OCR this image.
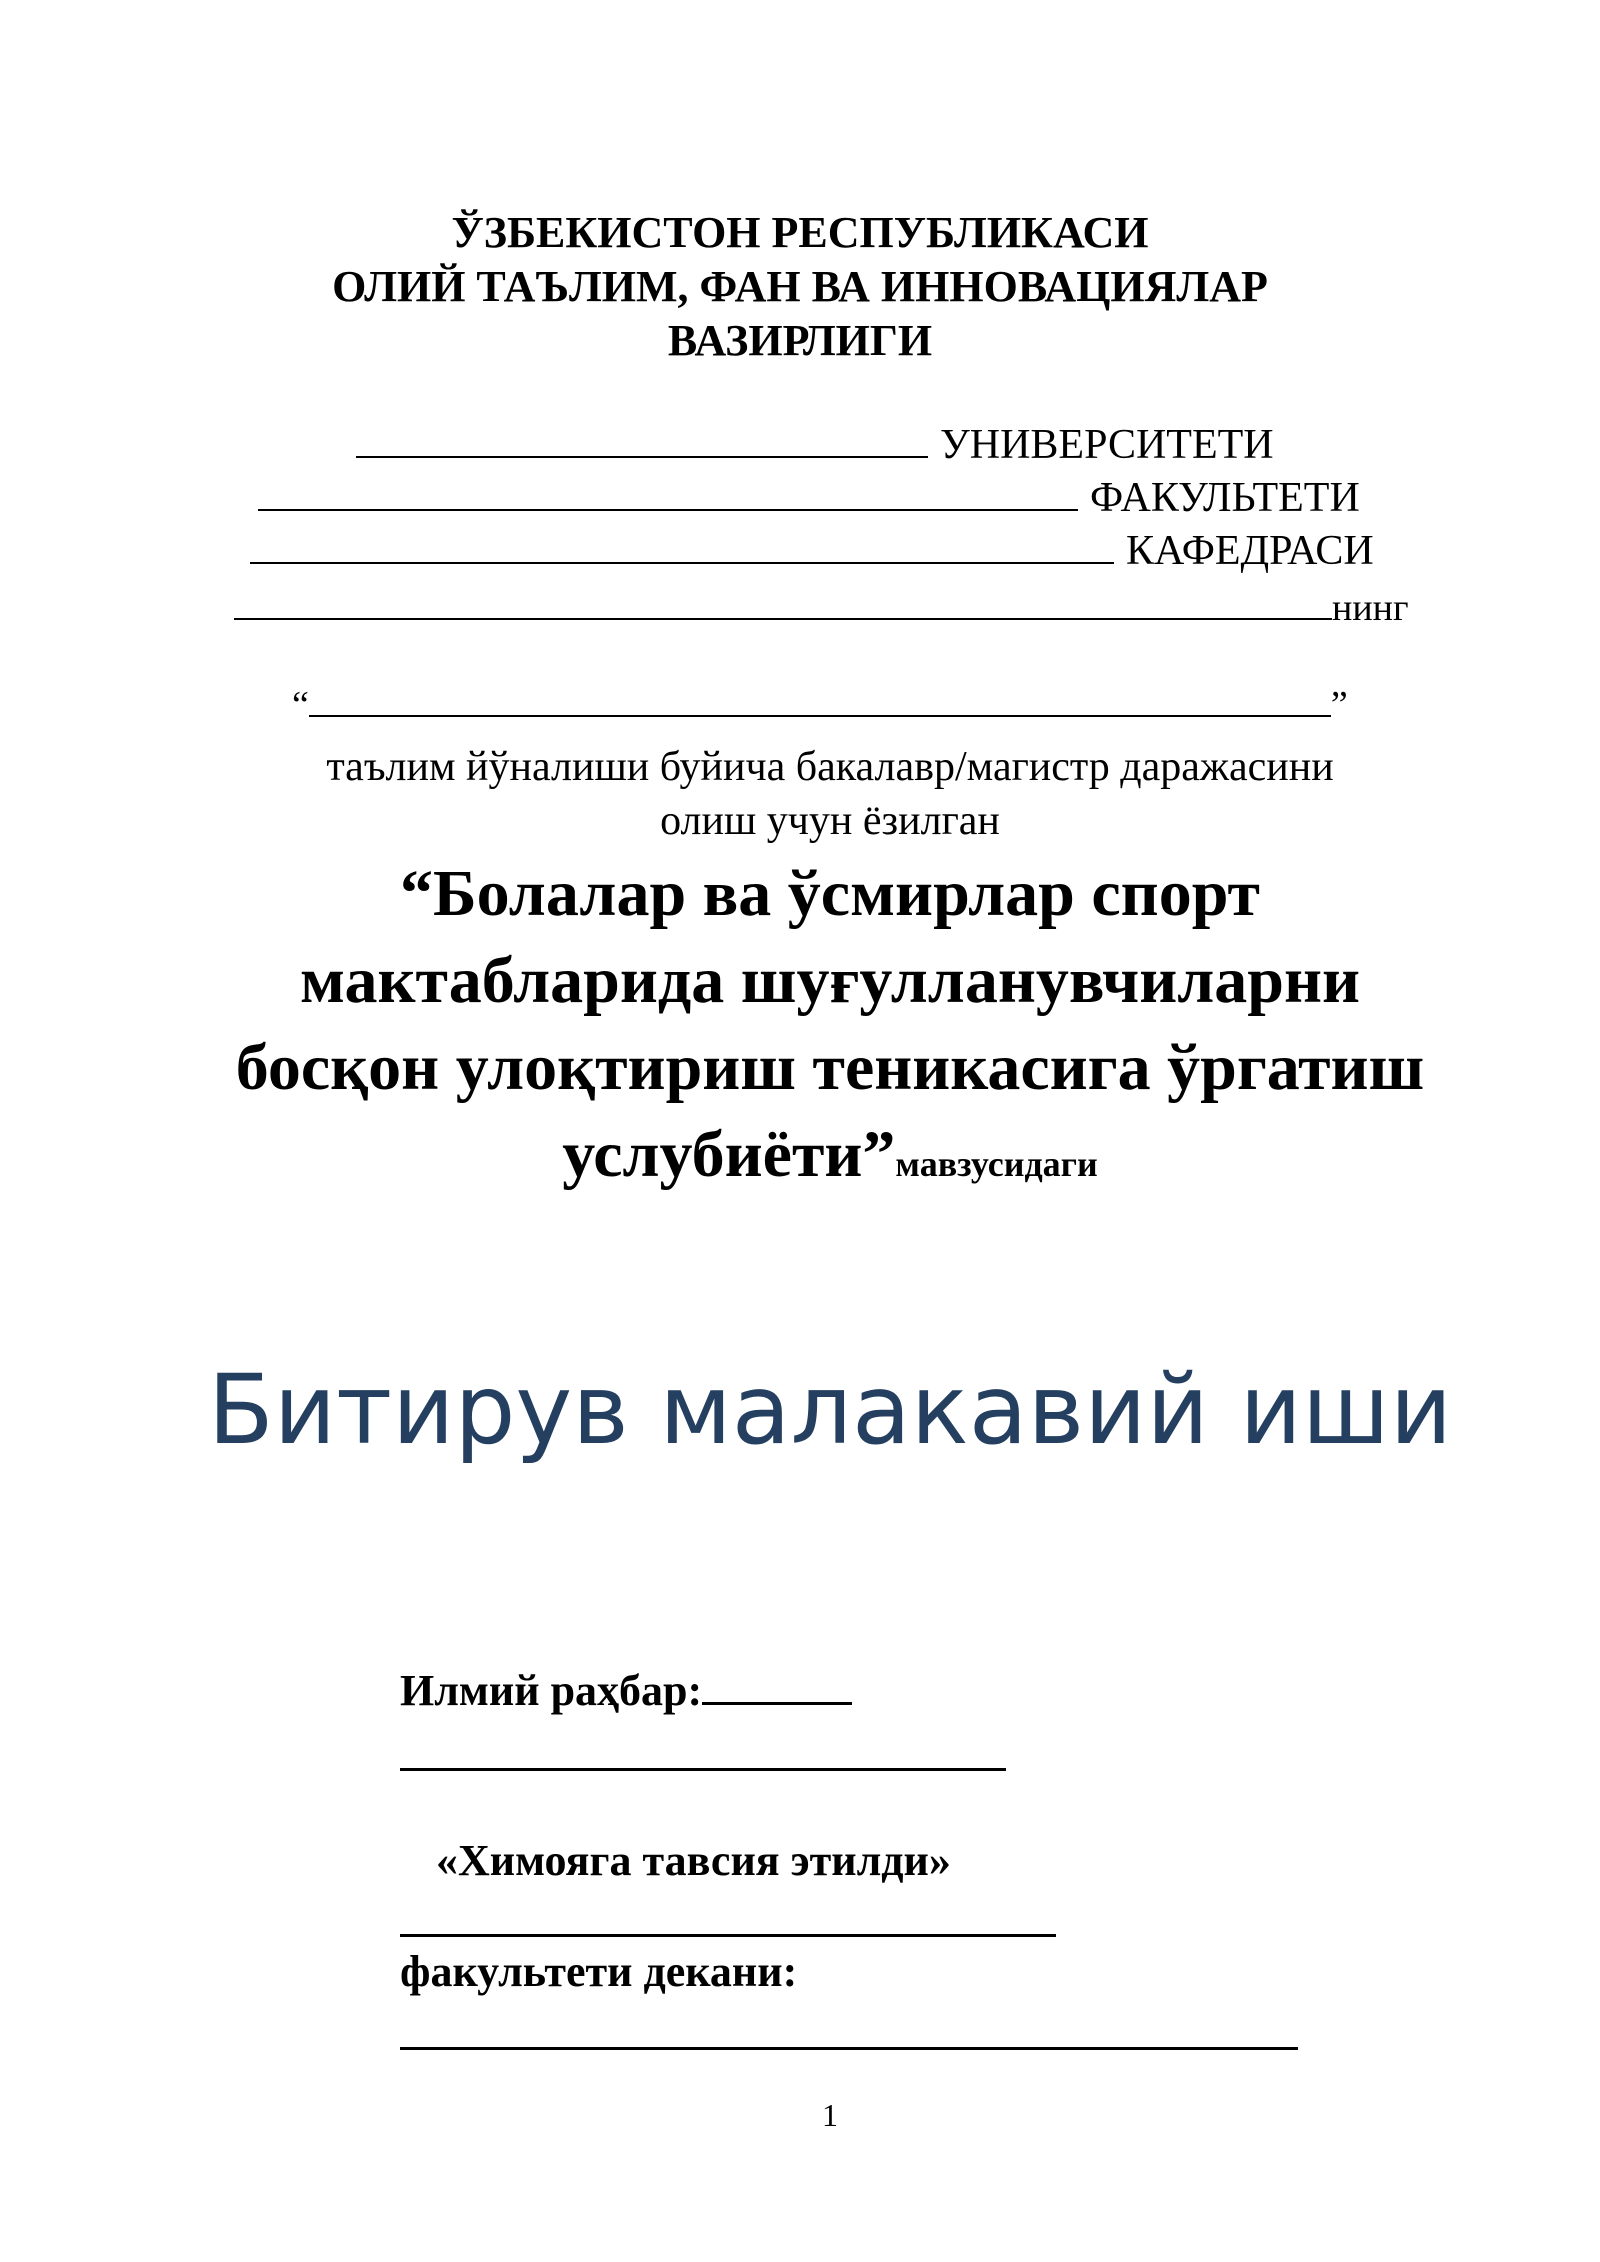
ЎЗБЕКИСТОН РЕСПУБЛИКАСИ
ОЛИЙ ТАЪЛИМ, ФАН ВА ИННОВАЦИЯЛАР
ВАЗИРЛИГИ
УНИВЕРСИТЕТИ
ФАКУЛЬТЕТИ
КАФЕДРАСИ
нинг
“	”
таълим йўналиши буйича бакалавр/магистр даражасини
олиш учун ёзилган
“Болалар ва ўсмирлар спорт мактабларида шуғулланувчиларни босқон улоқтириш теникасига ўргатиш услубиёти”мавзусидаги
Битирув малакавий иши
Илмий раҳбар:
«Химояга тавсия этилди»
факультети декани:
1
